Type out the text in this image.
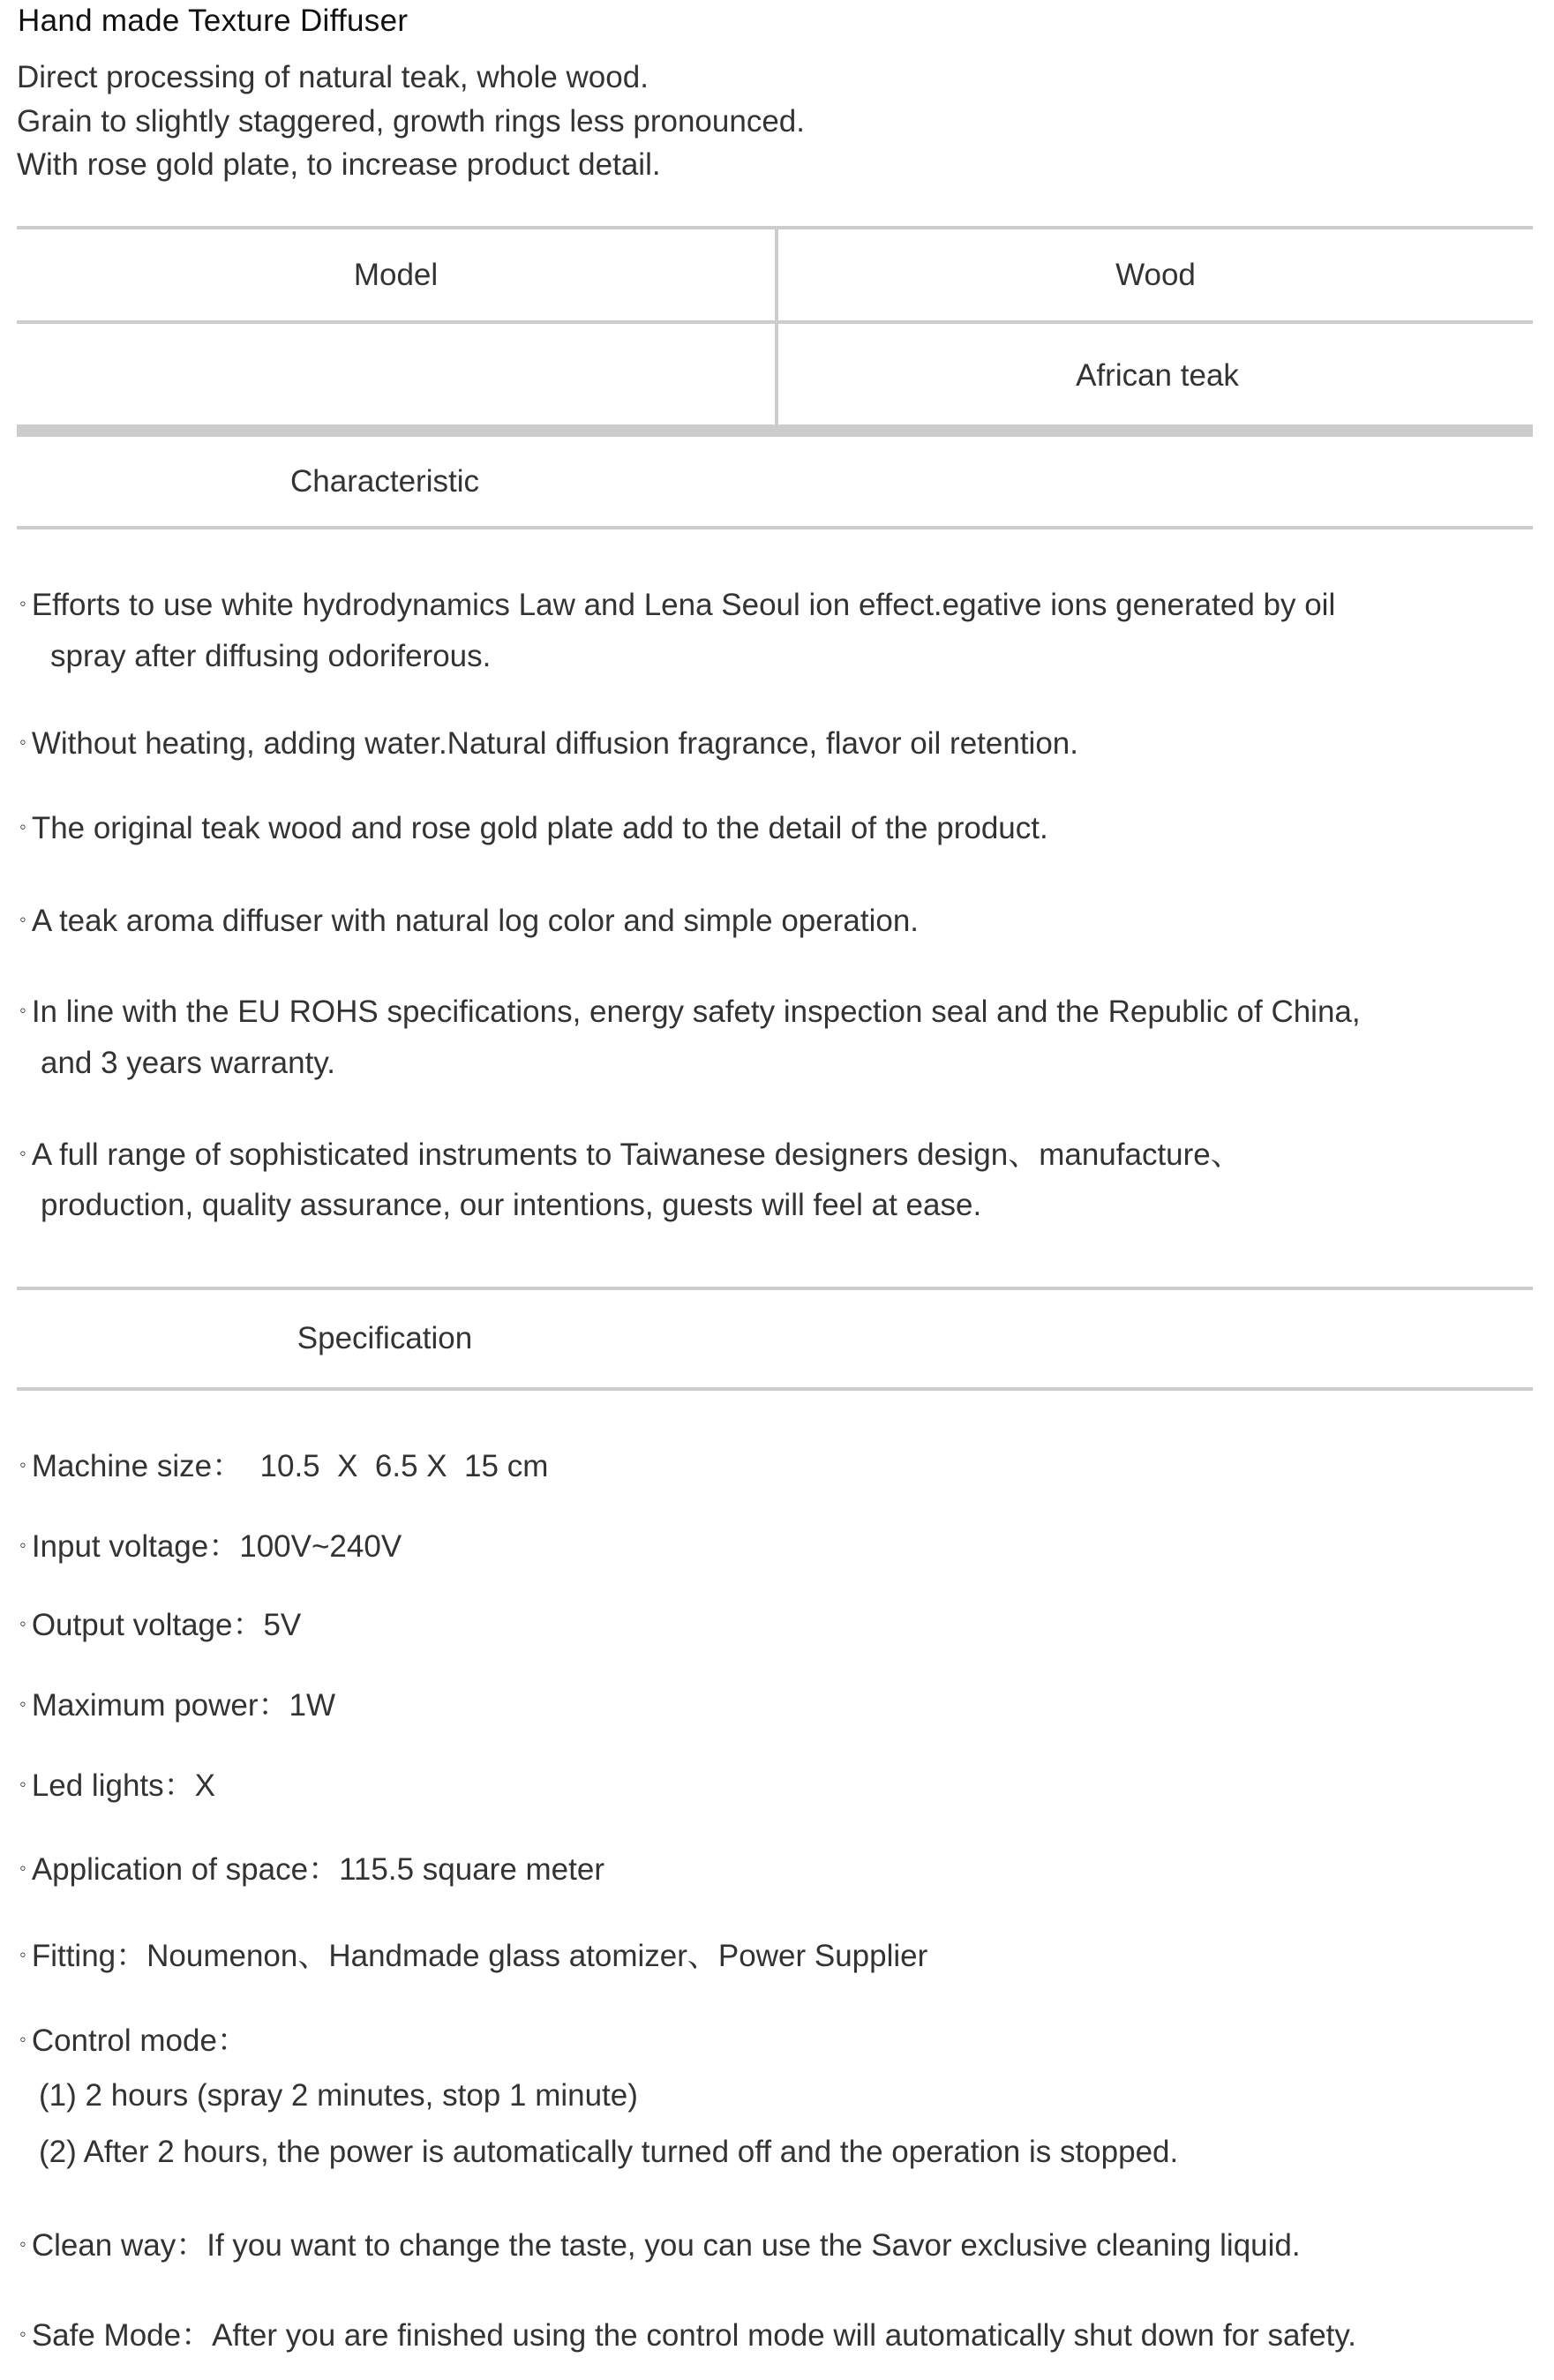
Hand made Texture Diffuser
Direct processing of natural teak, whole wood.
Grain to slightly staggered, growth rings less pronounced.
With rose gold plate, to increase product detail.
Model	Wood
African teak
Characteristic
◦ Efforts to use white hydrodynamics Law and Lena Seoul ion effect.egative ions generated by oil
spray after diffusing odoriferous.
◦ Without heating, adding water.Natural diffusion fragrance, flavor oil retention.
◦ The original teak wood and rose gold plate add to the detail of the product.
◦ A teak aroma diffuser with natural log color and simple operation.
◦ In line with the EU ROHS specifications, energy safety inspection seal and the Republic of China,
and 3 years warranty.
◦ A full range of sophisticated instruments to Taiwanese designers design、manufacture、
production, quality assurance, our intentions, guests will feel at ease.
Specification
◦ Machine size：  10.5  X  6.5 X  15 cm
◦ Input voltage：100V~240V
◦ Output voltage：5V
◦ Maximum power：1W
◦ Led lights：X
◦ Application of space：115.5 square meter
◦ Fitting：Noumenon、Handmade glass atomizer、Power Supplier
◦ Control mode：
(1) 2 hours (spray 2 minutes, stop 1 minute)
(2) After 2 hours, the power is automatically turned off and the operation is stopped.
◦ Clean way：If you want to change the taste, you can use the Savor exclusive cleaning liquid.
◦ Safe Mode：After you are finished using the control mode will automatically shut down for safety.
